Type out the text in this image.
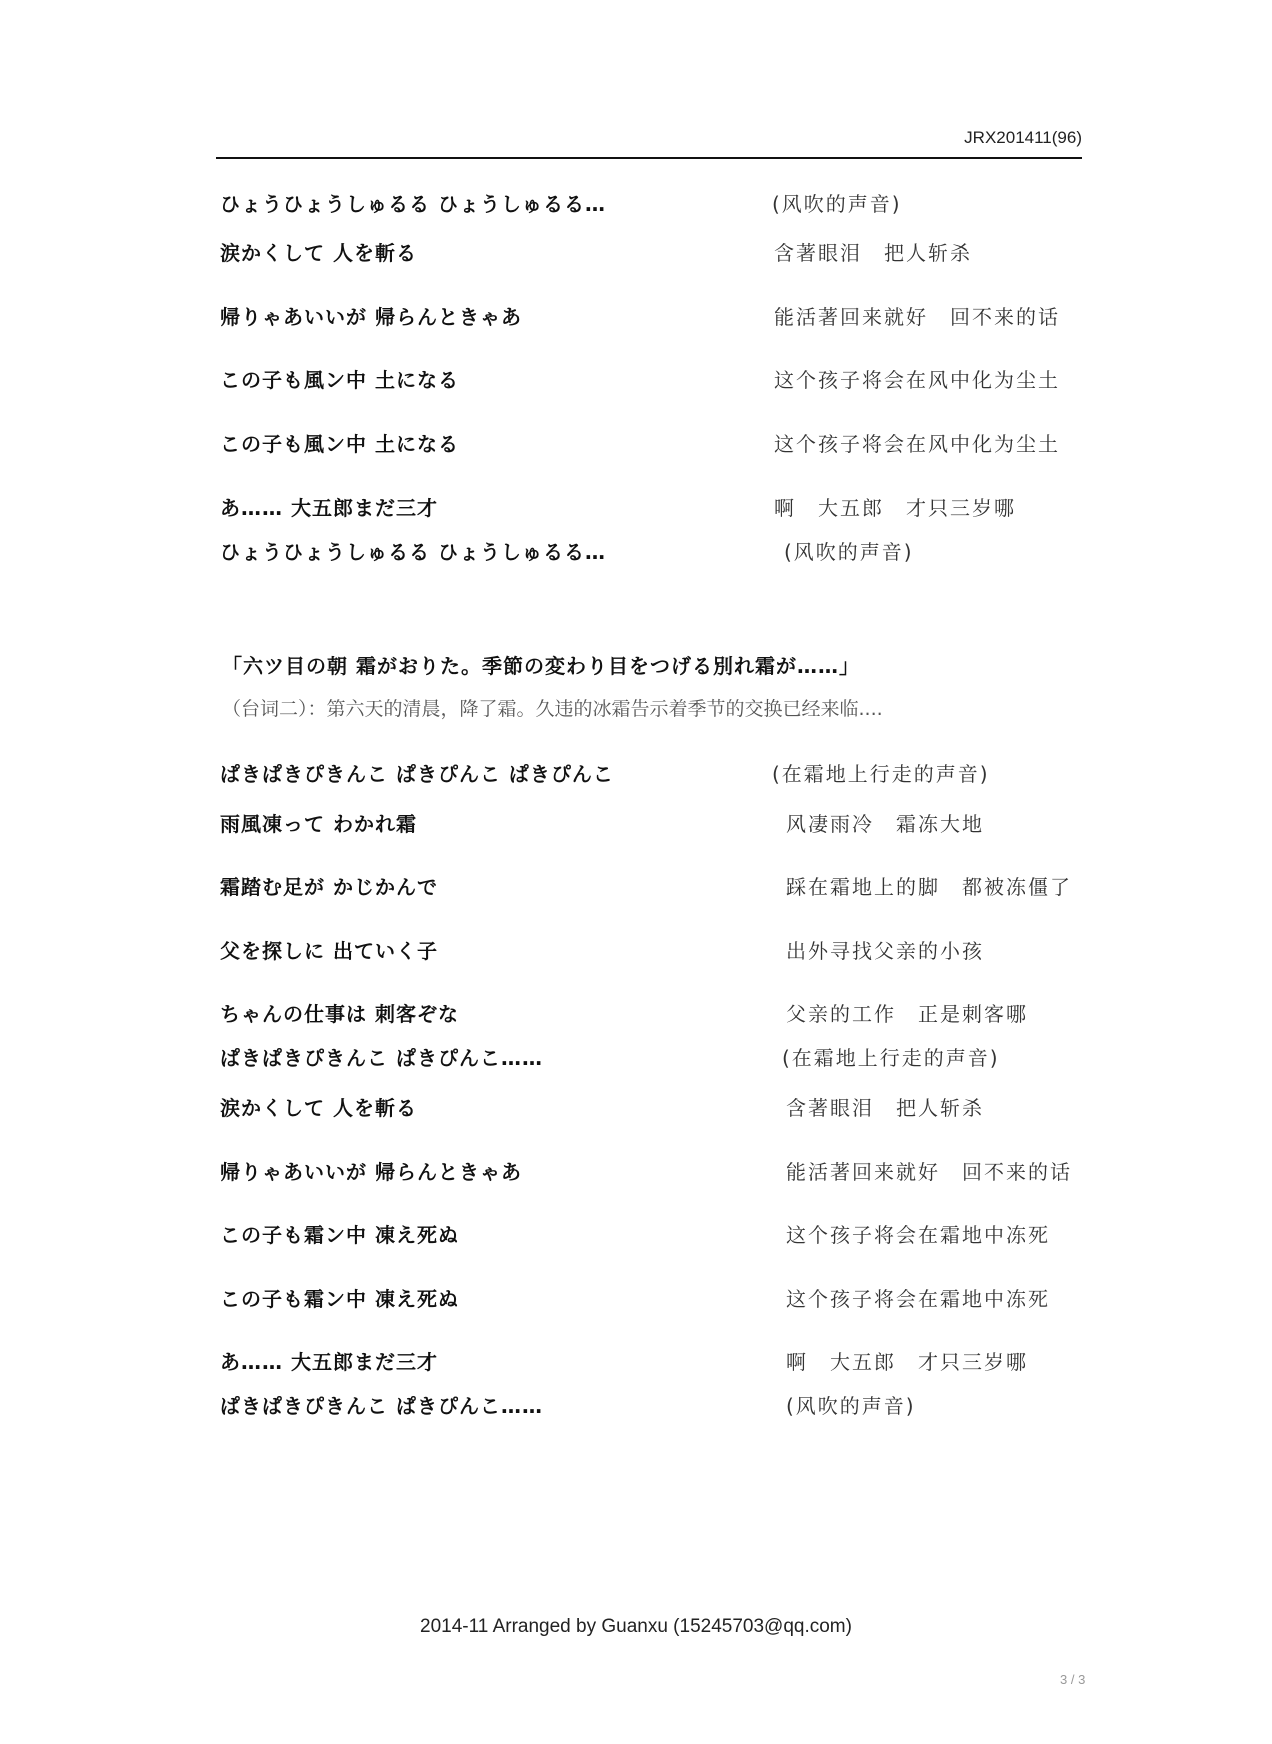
JRX201411(96)
ひょうひょうしゅるる ひょうしゅるる…	(风吹的声音)
涙かくして 人を斬る	含著眼泪　把人斩杀
帰りゃあいいが 帰らんときゃあ	能活著回来就好　回不来的话
この子も風ン中 土になる	这个孩子将会在风中化为尘土
この子も風ン中 土になる	这个孩子将会在风中化为尘土
あ…… 大五郎まだ三才	啊　大五郎　才只三岁哪
ひょうひょうしゅるる ひょうしゅるる…	(风吹的声音)
「六ツ目の朝 霜がおりた。季節の変わり目をつげる別れ霜が……」
（台词二）：第六天的清晨，降了霜。久违的冰霜告示着季节的交换已经来临....
ぱきぱきぴきんこ ぱきぴんこ ぱきぴんこ	(在霜地上行走的声音)
雨風凍って わかれ霜	风凄雨冷　霜冻大地
霜踏む足が かじかんで	踩在霜地上的脚　都被冻僵了
父を探しに 出ていく子	出外寻找父亲的小孩
ちゃんの仕事は 刺客ぞな	父亲的工作　正是刺客哪
ぱきぱきぴきんこ ぱきぴんこ……	(在霜地上行走的声音)
涙かくして 人を斬る	含著眼泪　把人斩杀
帰りゃあいいが 帰らんときゃあ	能活著回来就好　回不来的话
この子も霜ン中 凍え死ぬ	这个孩子将会在霜地中冻死
この子も霜ン中 凍え死ぬ	这个孩子将会在霜地中冻死
あ…… 大五郎まだ三才	啊　大五郎　才只三岁哪
ぱきぱきぴきんこ ぱきぴんこ……	(风吹的声音)
2014-11 Arranged by Guanxu (15245703@qq.com)
3 / 3
